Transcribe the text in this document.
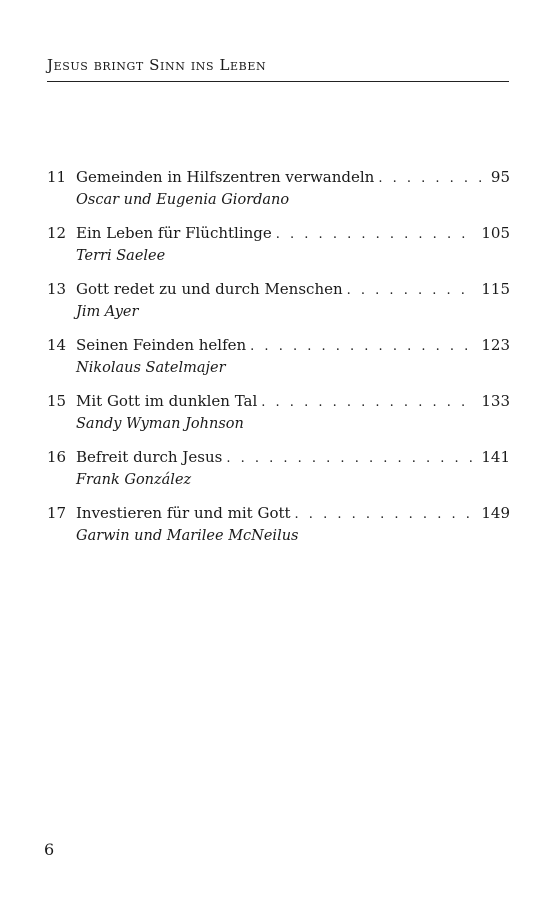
Jesus bringt Sinn ins Leben
11 Gemeinden in Hilfszentren verwandeln . . .	95
Oscar und Eugenia Giordano
12 Ein Leben für Flüchtlinge . . .	105
Terri Saelee
13 Gott redet zu und durch Menschen . . .	115
Jim Ayer
14 Seinen Feinden helfen . . .	123
Nikolaus Satelmajer
15 Mit Gott im dunklen Tal . . .	133
Sandy Wyman Johnson
16 Befreit durch Jesus . . .	141
Frank González
17 Investieren für und mit Gott . . .	149
Garwin und Marilee McNeilus
6
